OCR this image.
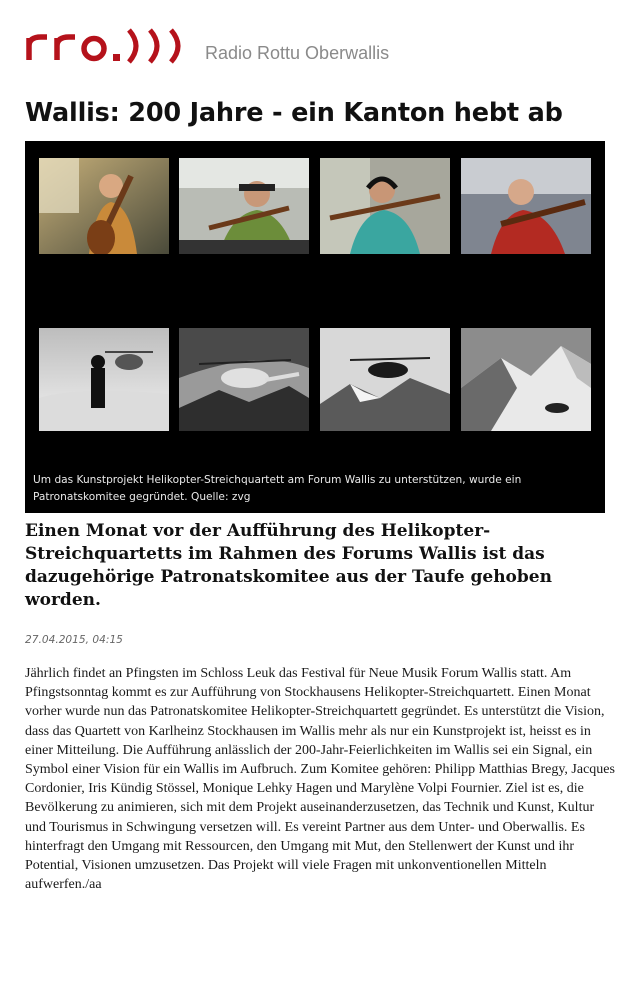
Radio Rottu Oberwallis
Wallis: 200 Jahre - ein Kanton hebt ab
Um das Kunstprojekt Helikopter-Streichquartett am Forum Wallis zu unterstützen, wurde ein Patronatskomitee gegründet. Quelle: zvg
Einen Monat vor der Aufführung des Helikopter-Streichquartetts im Rahmen des Forums Wallis ist das dazugehörige Patronatskomitee aus der Taufe gehoben worden.
27.04.2015, 04:15

Jährlich findet an Pfingsten im Schloss Leuk das Festival für Neue Musik Forum Wallis statt. Am Pfingstsonntag kommt es zur Aufführung von Stockhausens Helikopter-Streichquartett. Einen Monat vorher wurde nun das Patronatskomitee Helikopter-Streichquartett gegründet. Es unterstützt die Vision, dass das Quartett von Karlheinz Stockhausen im Wallis mehr als nur ein Kunstprojekt ist, heisst es in einer Mitteilung. Die Aufführung anlässlich der 200-Jahr-Feierlichkeiten im Wallis sei ein Signal, ein Symbol einer Vision für ein Wallis im Aufbruch. Zum Komitee gehören: Philipp Matthias Bregy, Jacques Cordonier, Iris Kündig Stössel, Monique Lehky Hagen und Marylène Volpi Fournier. Ziel ist es, die Bevölkerung zu animieren, sich mit dem Projekt auseinanderzusetzen, das Technik und Kunst, Kultur und Tourismus in Schwingung versetzen will. Es vereint Partner aus dem Unter- und Oberwallis. Es hinterfragt den Umgang mit Ressourcen, den Umgang mit Mut, den Stellenwert der Kunst und ihr Potential, Visionen umzusetzen. Das Projekt will viele Fragen mit unkonventionellen Mitteln aufwerfen./aa
